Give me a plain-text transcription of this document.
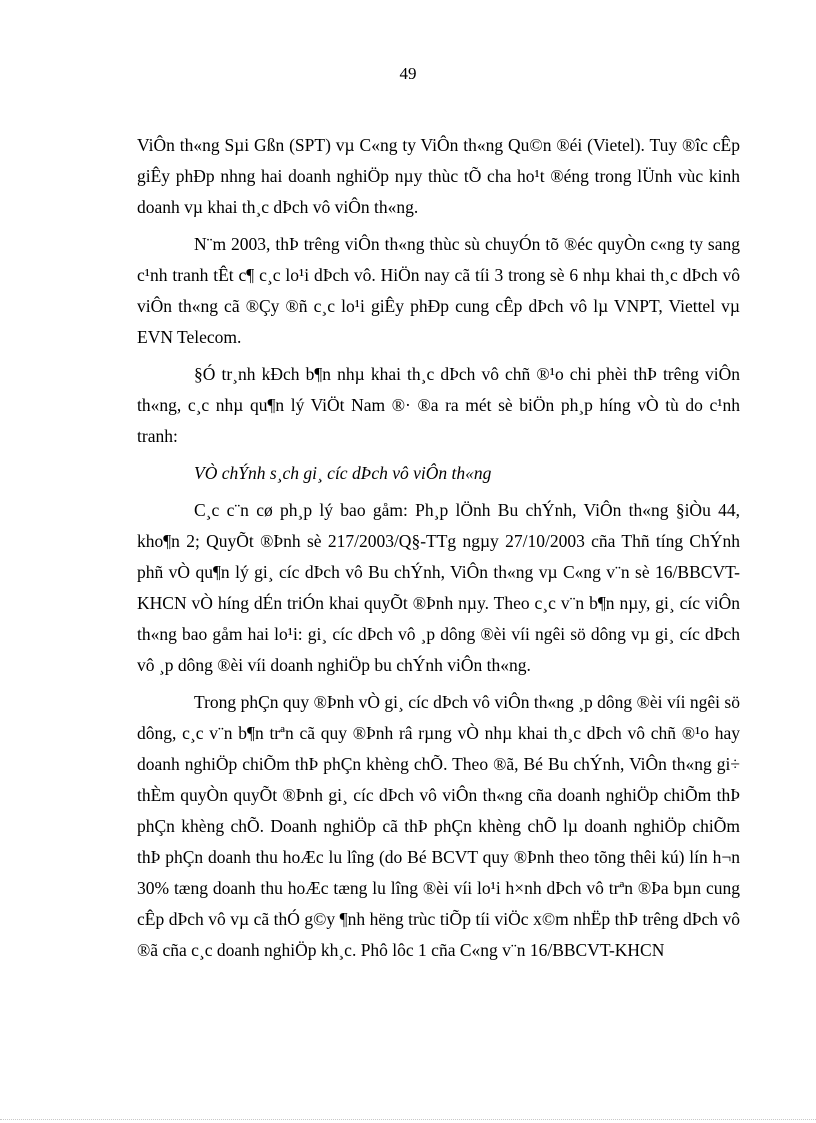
49

ViÔn th«ng Sµi Gßn (SPT) vµ C«ng ty ViÔn th«ng Qu©n ®éi (Vietel). Tuy ®îc cÊp giÊy phÐp nhng hai doanh nghiÖp nµy thùc tÕ cha ho¹t ®éng trong lÜnh vùc kinh doanh vµ khai th¸c dÞch vô viÔn th«ng.

N¨m 2003, thÞ trêng viÔn th«ng thùc sù chuyÓn tõ ®éc quyÒn c«ng ty sang c¹nh tranh tÊt c¶ c¸c lo¹i dÞch vô. HiÖn nay cã tíi 3 trong sè 6 nhµ khai th¸c dÞch vô viÔn th«ng cã ®Çy ®ñ c¸c lo¹i giÊy phÐp cung cÊp dÞch vô lµ VNPT, Viettel vµ EVN Telecom.

§Ó tr¸nh kÐch b¶n nhµ khai th¸c dÞch vô chñ ®¹o chi phèi thÞ trêng viÔn th«ng, c¸c nhµ qu¶n lý ViÖt Nam ®· ®a ra mét sè biÖn ph¸p híng vÒ tù do c¹nh tranh:

VÒ chÝnh s¸ch gi¸ cíc dÞch vô viÔn th«ng

C¸c c¨n cø ph¸p lý bao gåm: Ph¸p lÖnh Bu chÝnh, ViÔn th«ng §iÒu 44, kho¶n 2; QuyÕt ®Þnh sè 217/2003/Q§-TTg ngµy 27/10/2003 cña Thñ tíng ChÝnh phñ vÒ qu¶n lý gi¸ cíc dÞch vô Bu chÝnh, ViÔn th«ng vµ C«ng v¨n sè 16/BBCVT-KHCN vÒ híng dÉn triÓn khai quyÕt ®Þnh nµy. Theo c¸c v¨n b¶n nµy, gi¸ cíc viÔn th«ng bao gåm hai lo¹i: gi¸ cíc dÞch vô ¸p dông ®èi víi ngêi sö dông vµ gi¸ cíc dÞch vô ¸p dông ®èi víi doanh nghiÖp bu chÝnh viÔn th«ng.

Trong phÇn quy ®Þnh vÒ gi¸ cíc dÞch vô viÔn th«ng ¸p dông ®èi víi ngêi sö dông, c¸c v¨n b¶n trªn cã quy ®Þnh râ rµng vÒ nhµ khai th¸c dÞch vô chñ ®¹o hay doanh nghiÖp chiÕm thÞ phÇn khèng chÕ. Theo ®ã, Bé Bu chÝnh, ViÔn th«ng gi÷ thÈm quyÒn quyÕt ®Þnh gi¸ cíc dÞch vô viÔn th«ng cña doanh nghiÖp chiÕm thÞ phÇn khèng chÕ. Doanh nghiÖp cã thÞ phÇn khèng chÕ lµ doanh nghiÖp chiÕm thÞ phÇn doanh thu hoÆc lu lîng (do Bé BCVT quy ®Þnh theo tõng thêi kú) lín h¬n 30% tæng doanh thu hoÆc tæng lu lîng ®èi víi lo¹i h×nh dÞch vô trªn ®Þa bµn cung cÊp dÞch vô vµ cã thÓ g©y ¶nh hëng trùc tiÕp tíi viÖc x©m nhËp thÞ trêng dÞch vô ®ã cña c¸c doanh nghiÖp kh¸c. Phô lôc 1 cña C«ng v¨n 16/BBCVT-KHCN
